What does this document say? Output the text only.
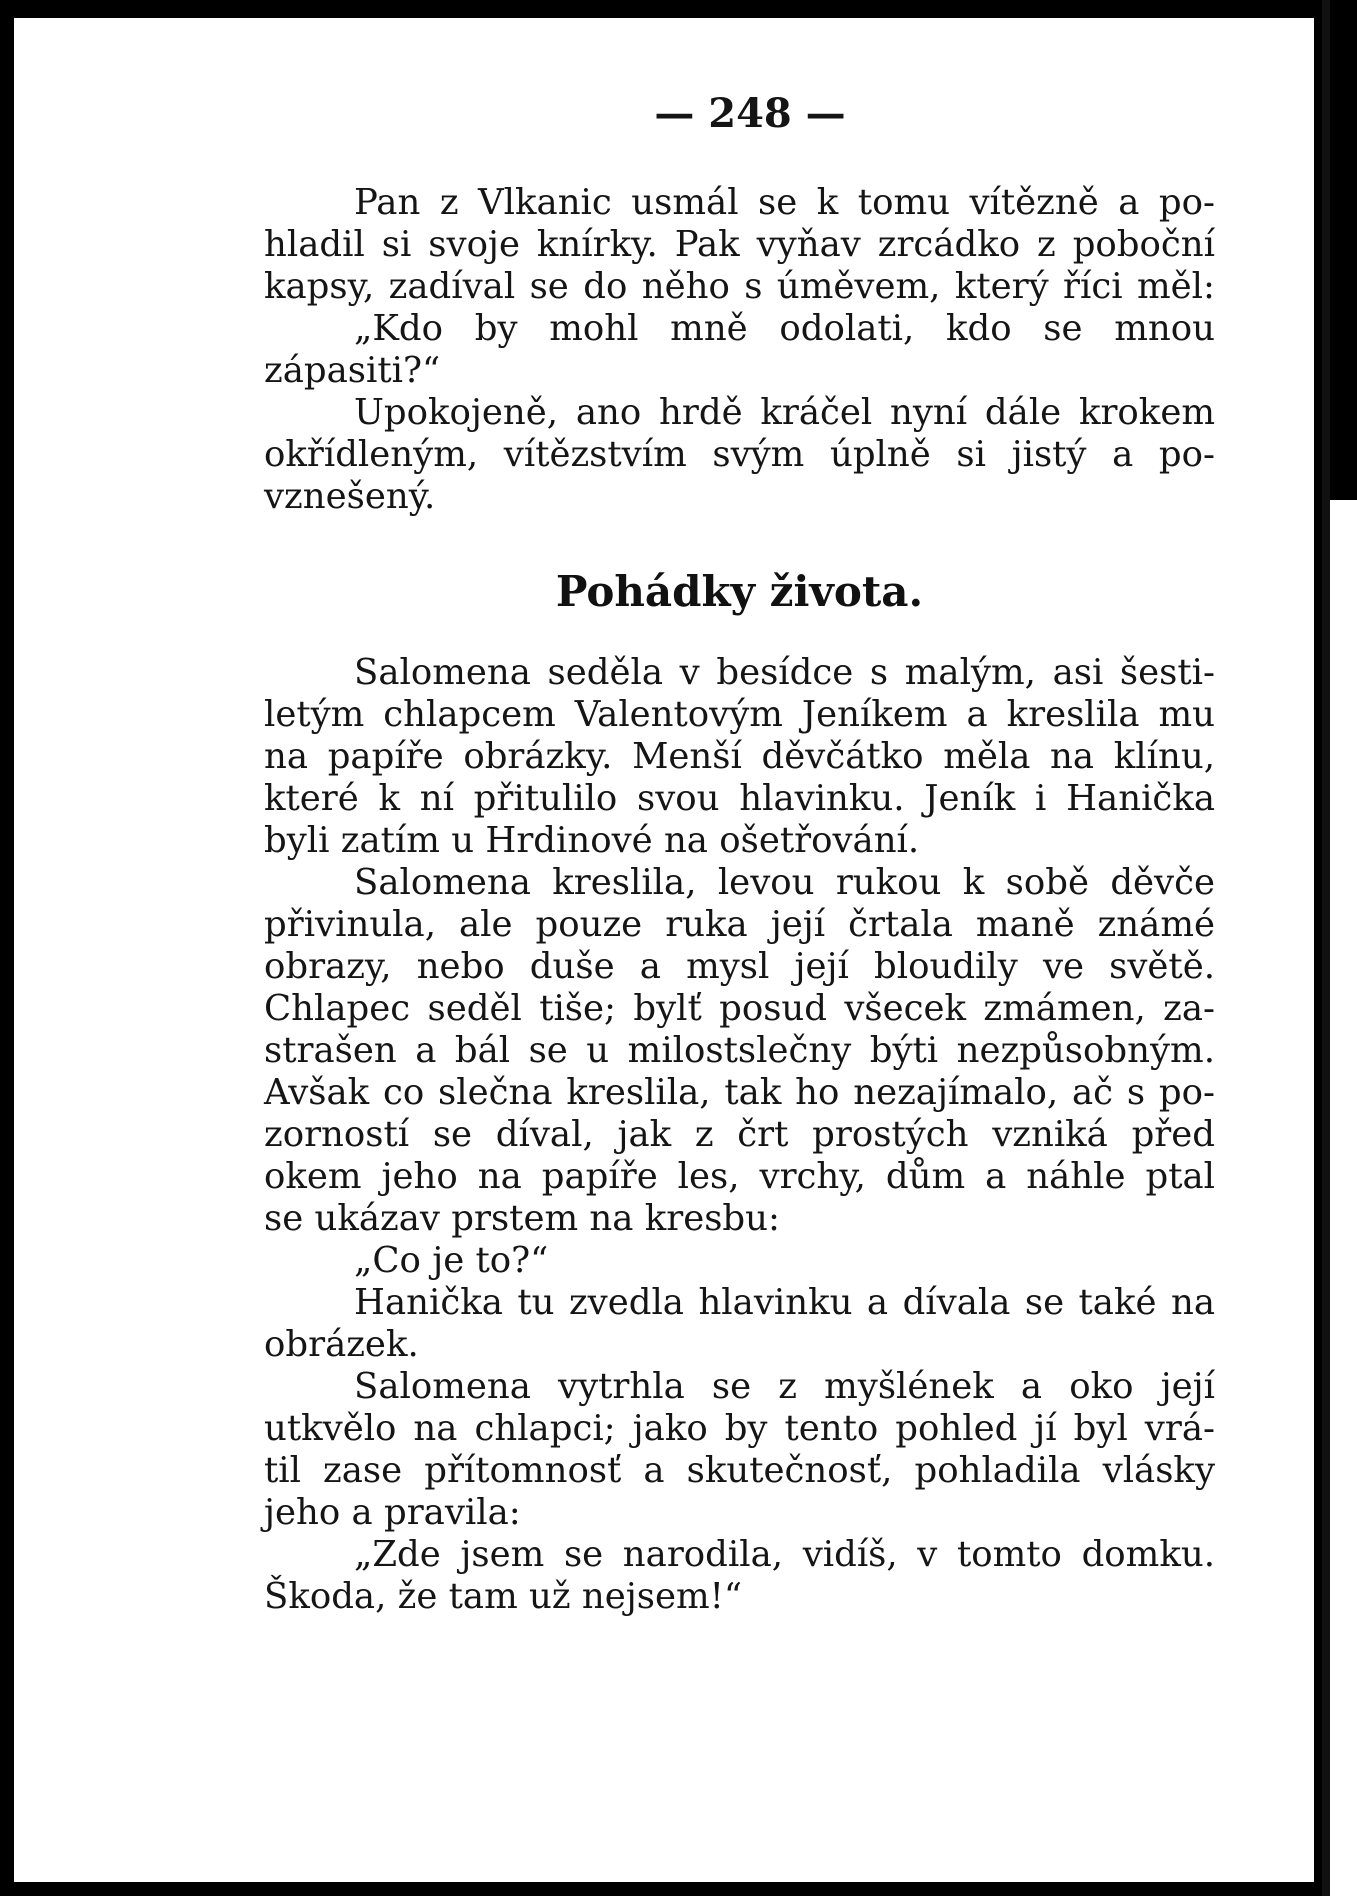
— 248 —
Pan z Vlkanic usmál se k tomu vítězně a po-
hladil si svoje knírky. Pak vyňav zrcádko z poboční
kapsy, zadíval se do něho s úměvem, který říci měl:
„Kdo by mohl mně odolati, kdo se mnou
zápasiti?“
Upokojeně, ano hrdě kráčel nyní dále krokem
okřídleným, vítězstvím svým úplně si jistý a po-
vznešený.
Pohádky života.
Salomena seděla v besídce s malým, asi šesti-
letým chlapcem Valentovým Jeníkem a kreslila mu
na papíře obrázky. Menší děvčátko měla na klínu,
které k ní přitulilo svou hlavinku. Jeník i Hanička
byli zatím u Hrdinové na ošetřování.
Salomena kreslila, levou rukou k sobě děvče
přivinula, ale pouze ruka její črtala maně známé
obrazy, nebo duše a mysl její bloudily ve světě.
Chlapec seděl tiše; bylť posud všecek zmámen, za-
strašen a bál se u milostslečny býti nezpůsobným.
Avšak co slečna kreslila, tak ho nezajímalo, ač s po-
zorností se díval, jak z črt prostých vzniká před
okem jeho na papíře les, vrchy, dům a náhle ptal
se ukázav prstem na kresbu:
„Co je to?“
Hanička tu zvedla hlavinku a dívala se také na
obrázek.
Salomena vytrhla se z myšlének a oko její
utkvělo na chlapci; jako by tento pohled jí byl vrá-
til zase přítomnosť a skutečnosť, pohladila vlásky
jeho a pravila:
„Zde jsem se narodila, vidíš, v tomto domku.
Škoda, že tam už nejsem!“
